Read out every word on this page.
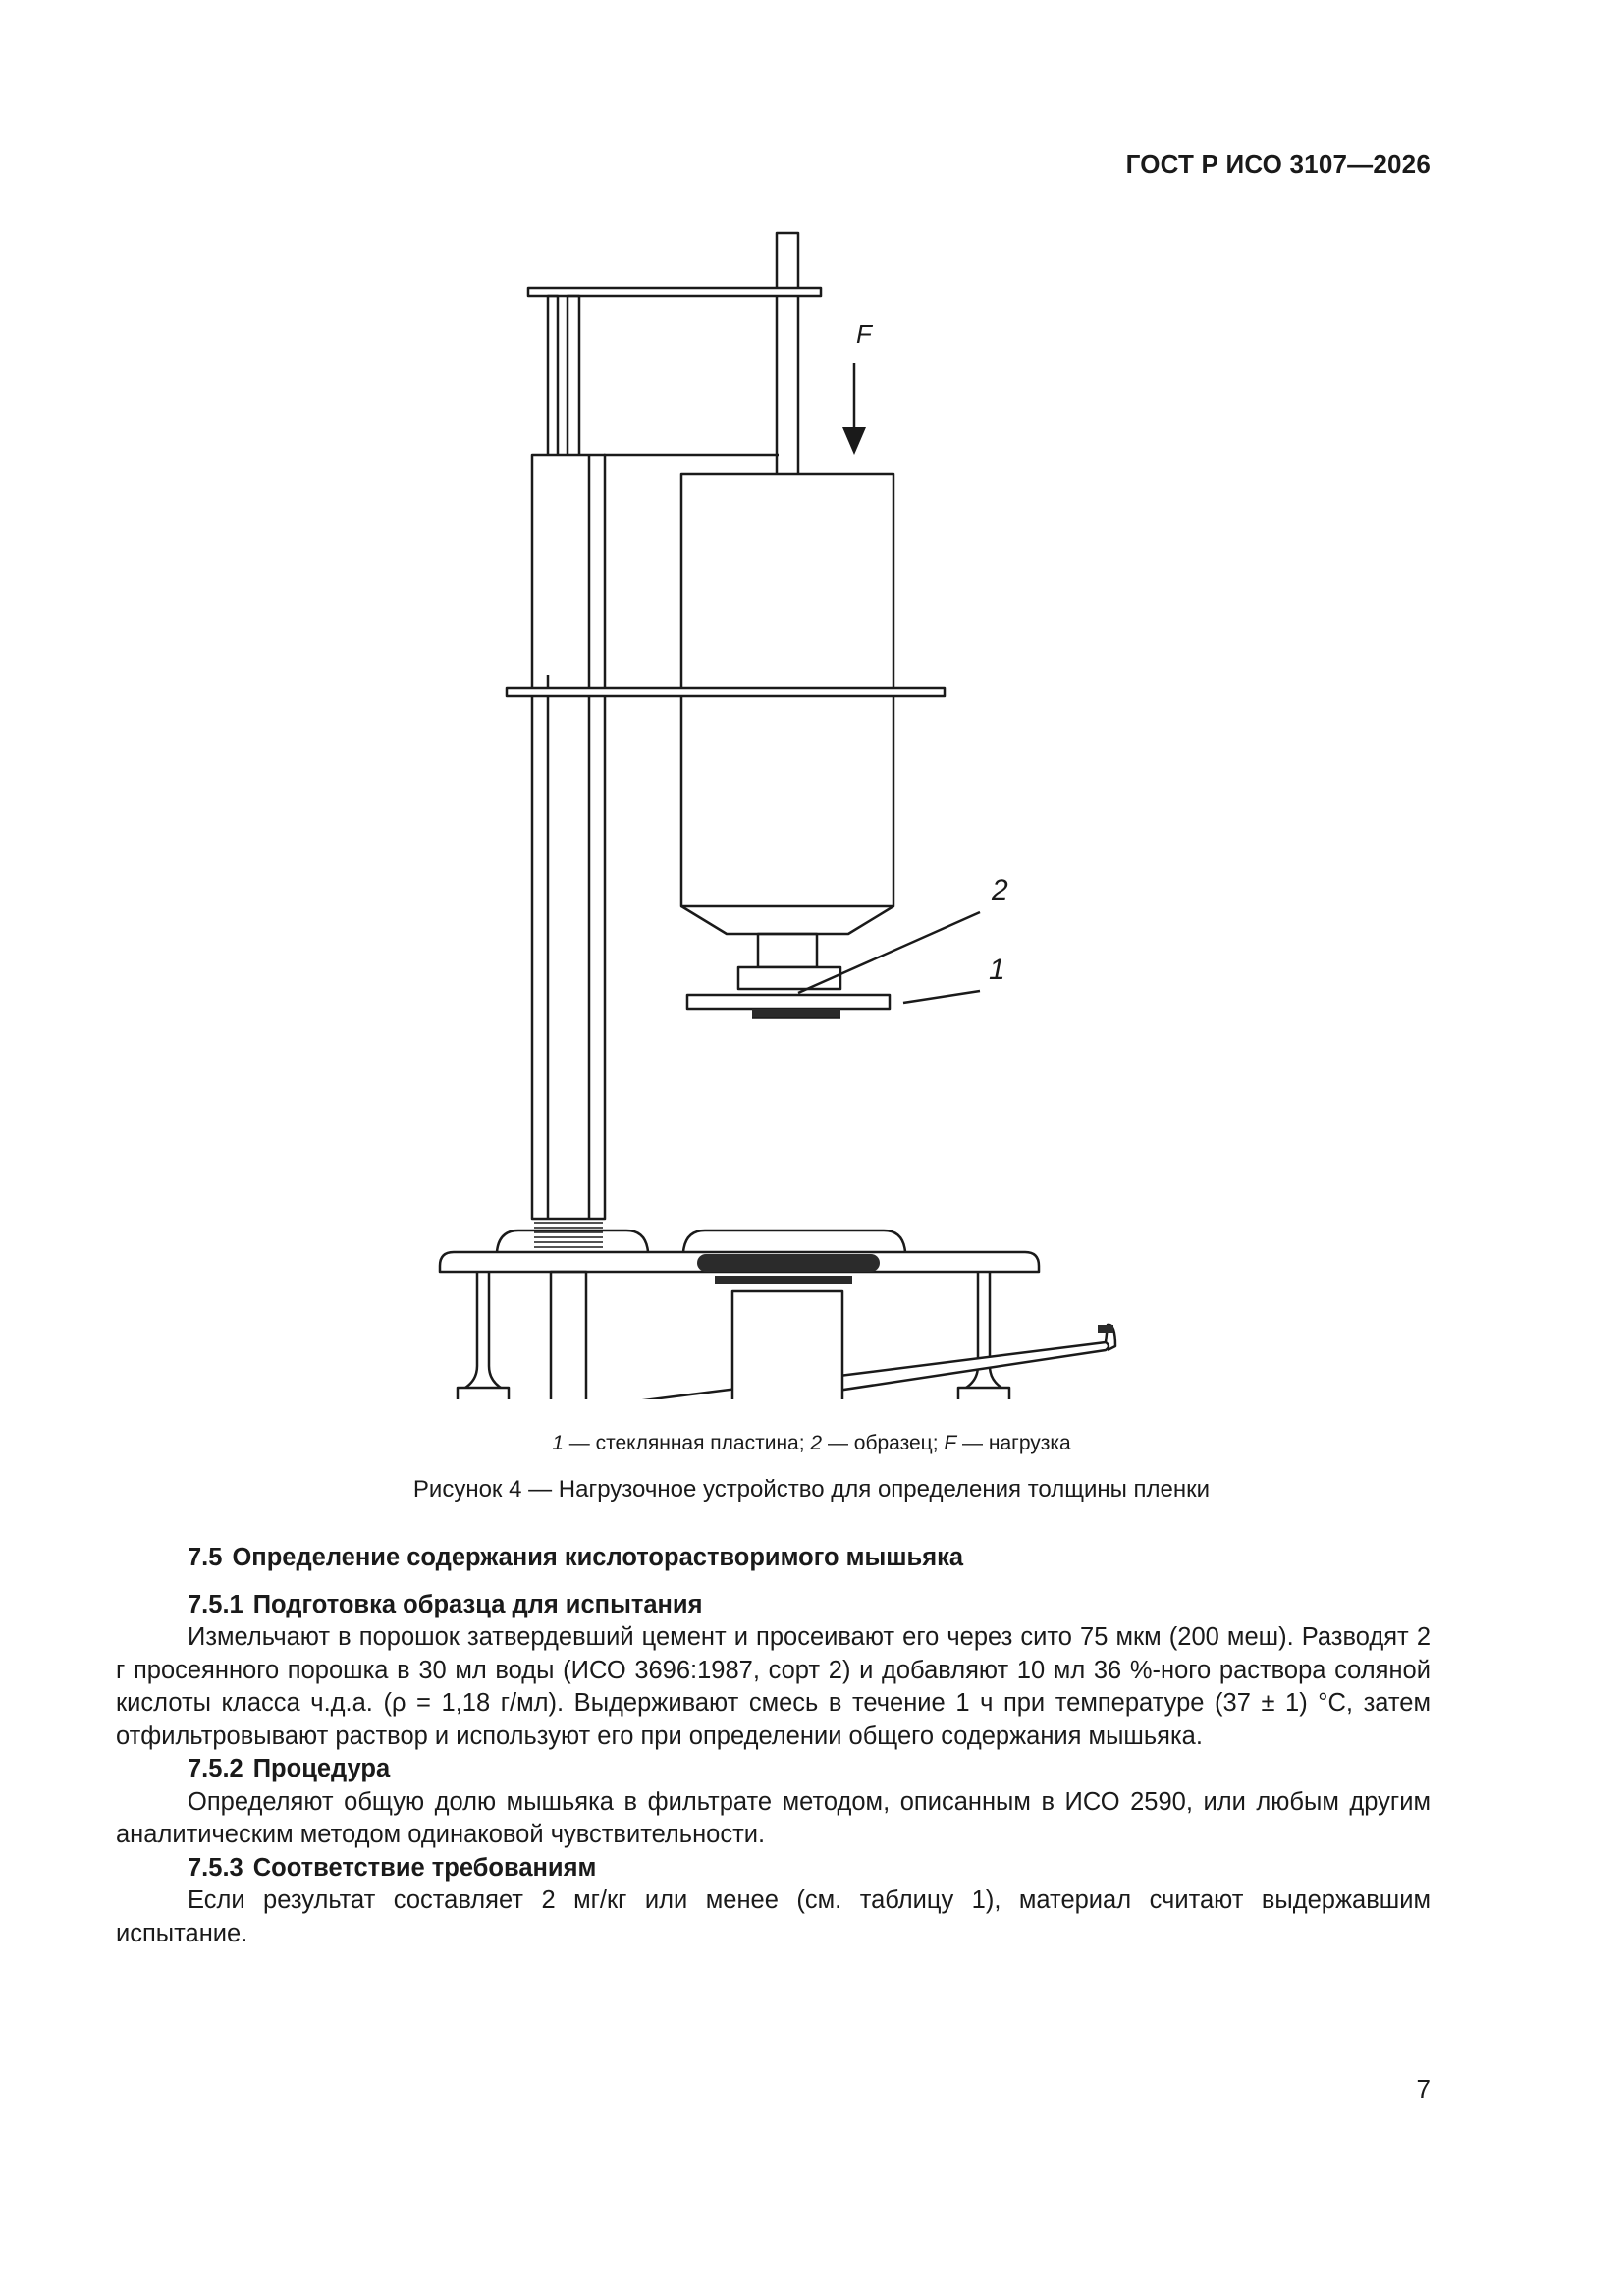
ГОСТ Р ИСО 3107—2026
F
2
1
1 — стеклянная пластина; 2 — образец; F — нагрузка
Рисунок 4 — Нагрузочное устройство для определения толщины пленки

7.5 Определение содержания кислоторастворимого мышьяка

7.5.1 Подготовка образца для испытания

Измельчают в порошок затвердевший цемент и просеивают его через сито 75 мкм (200 меш). Разводят 2 г просеянного порошка в 30 мл воды (ИСО 3696:1987, сорт 2) и добавляют 10 мл 36 %-ного раствора соляной кислоты класса ч.д.а. (ρ = 1,18 г/мл). Выдерживают смесь в течение 1 ч при температуре (37 ± 1) °C, затем отфильтровывают раствор и используют его при определении общего содержания мышьяка.

7.5.2 Процедура

Определяют общую долю мышьяка в фильтрате методом, описанным в ИСО 2590, или любым другим аналитическим методом одинаковой чувствительности.

7.5.3 Соответствие требованиям

Если результат составляет 2 мг/кг или менее (см. таблицу 1), материал считают выдержавшим испытание.

7
